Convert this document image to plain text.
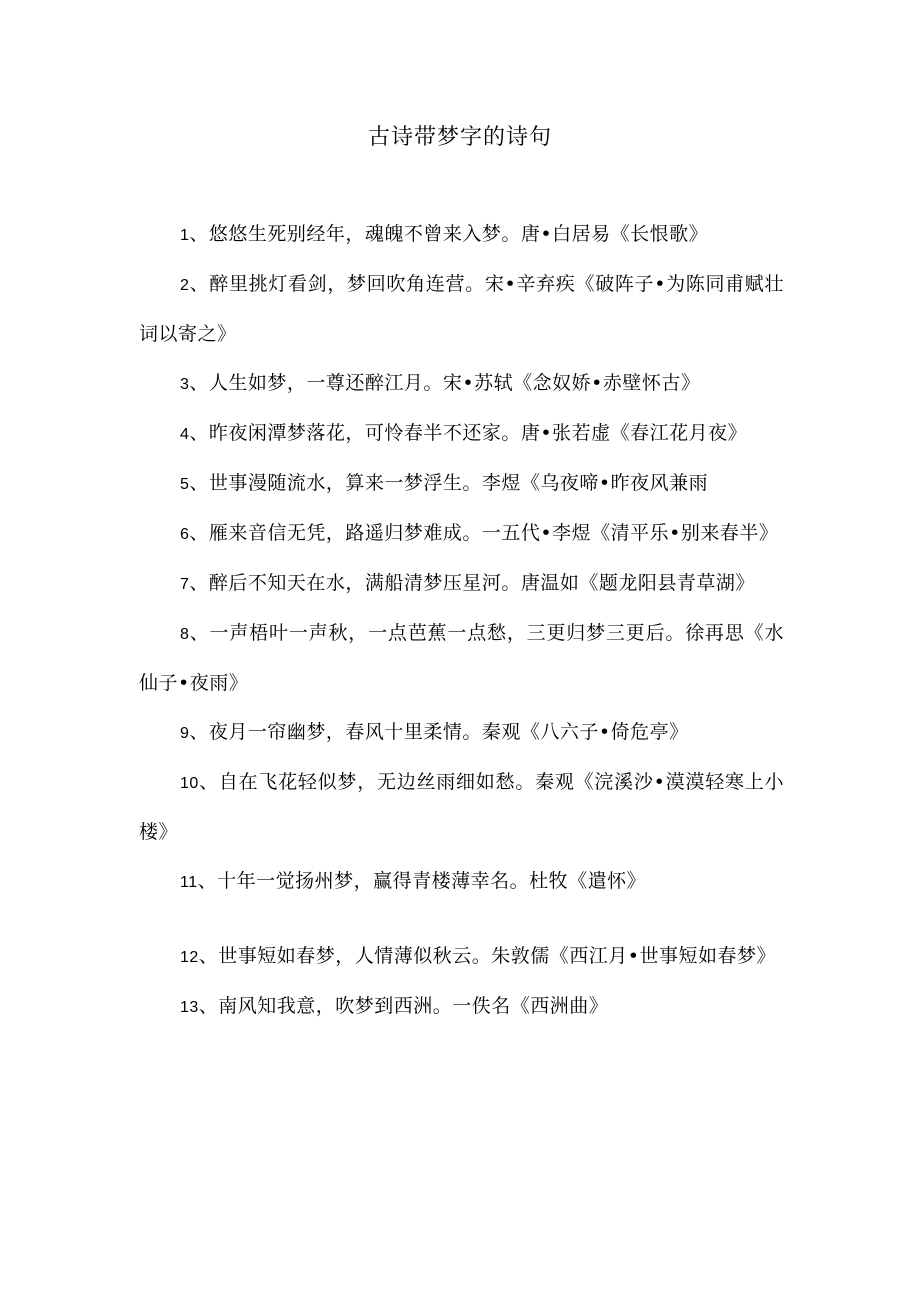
古诗带梦字的诗句

1、悠悠生死别经年，魂魄不曾来入梦。唐•白居易《长恨歌》

2、醉里挑灯看剑，梦回吹角连营。宋•辛弃疾《破阵子•为陈同甫赋壮词以寄之》

3、人生如梦，一尊还醉江月。宋•苏轼《念奴娇•赤壁怀古》

4、昨夜闲潭梦落花，可怜春半不还家。唐•张若虚《春江花月夜》

5、世事漫随流水，算来一梦浮生。李煜《乌夜啼•昨夜风兼雨

6、雁来音信无凭，路遥归梦难成。一五代•李煜《清平乐•别来春半》

7、醉后不知天在水，满船清梦压星河。唐温如《题龙阳县青草湖》

8、一声梧叶一声秋，一点芭蕉一点愁，三更归梦三更后。徐再思《水仙子•夜雨》

9、夜月一帘幽梦，春风十里柔情。秦观《八六子•倚危亭》

10、自在飞花轻似梦，无边丝雨细如愁。秦观《浣溪沙•漠漠轻寒上小楼》

11、十年一觉扬州梦，赢得青楼薄幸名。杜牧《遣怀》

12、世事短如春梦，人情薄似秋云。朱敦儒《西江月•世事短如春梦》

13、南风知我意，吹梦到西洲。一佚名《西洲曲》
